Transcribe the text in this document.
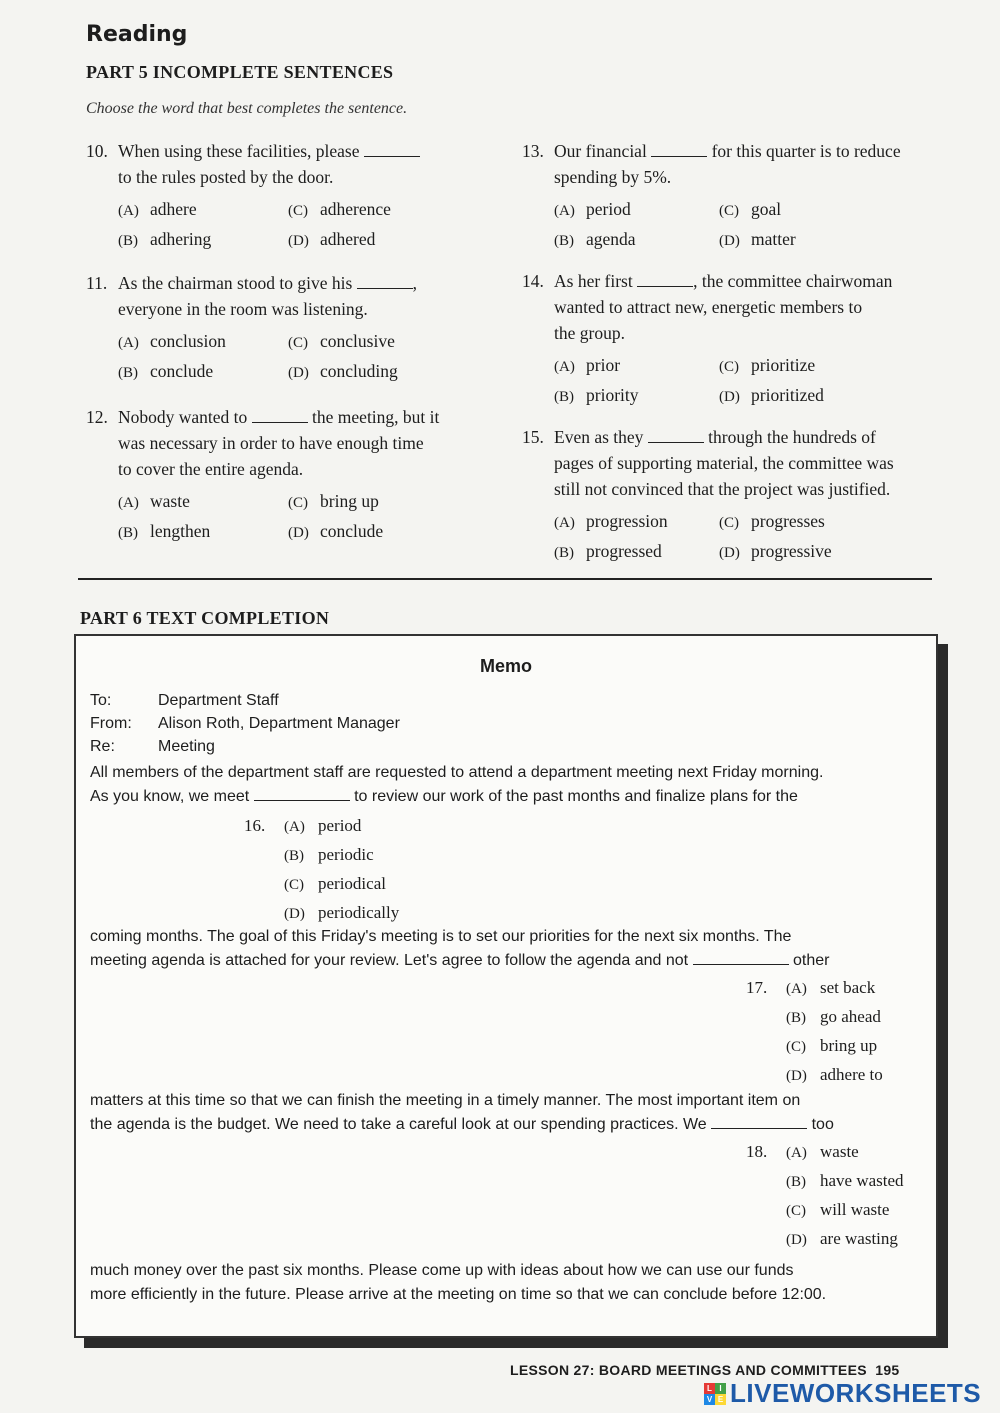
Reading
PART 5 INCOMPLETE SENTENCES
Choose the word that best completes the sentence.
10. When using these facilities, please
to the rules posted by the door.
(A) adhere	(C) adherence
(B) adhering	(D) adhered
11. As the chairman stood to give his	,
everyone in the room was listening.
(A) conclusion	(C) conclusive
(B) conclude	(D) concluding
12. Nobody wanted to	the meeting, but it
was necessary in order to have enough time
to cover the entire agenda.
(A) waste	(C) bring up
(B) lengthen	(D) conclude
13. Our financial	for this quarter is to reduce
spending by 5%.
(A) period	(C) goal
(B) agenda	(D) matter
14. As her first	, the committee chairwoman
wanted to attract new, energetic members to
the group.
(A) prior	(C) prioritize
(B) priority	(D) prioritized
15. Even as they	through the hundreds of
pages of supporting material, the committee was
still not convinced that the project was justified.
(A) progression	(C) progresses
(B) progressed	(D) progressive
PART 6 TEXT COMPLETION
Memo
To:	Department Staff
From: Alison Roth, Department Manager
Re:	Meeting
All members of the department staff are requested to attend a department meeting next Friday morning.
As you know, we meet	to review our work of the past months and finalize plans for the
16. (A) period
(B) periodic
(C) periodical
(D) periodically
coming months. The goal of this Friday's meeting is to set our priorities for the next six months. The
meeting agenda is attached for your review. Let's agree to follow the agenda and not	other
17. (A) set back
(B) go ahead
(C) bring up
(D) adhere to
matters at this time so that we can finish the meeting in a timely manner. The most important item on
the agenda is the budget. We need to take a careful look at our spending practices. We	too
18. (A) waste
(B) have wasted
(C) will waste
(D) are wasting
much money over the past six months. Please come up with ideas about how we can use our funds
more efficiently in the future. Please arrive at the meeting on time so that we can conclude before 12:00.
LESSON 27: BOARD MEETINGS AND COMMITTEES 195
L I
V E LIVEWORKSHEETS
